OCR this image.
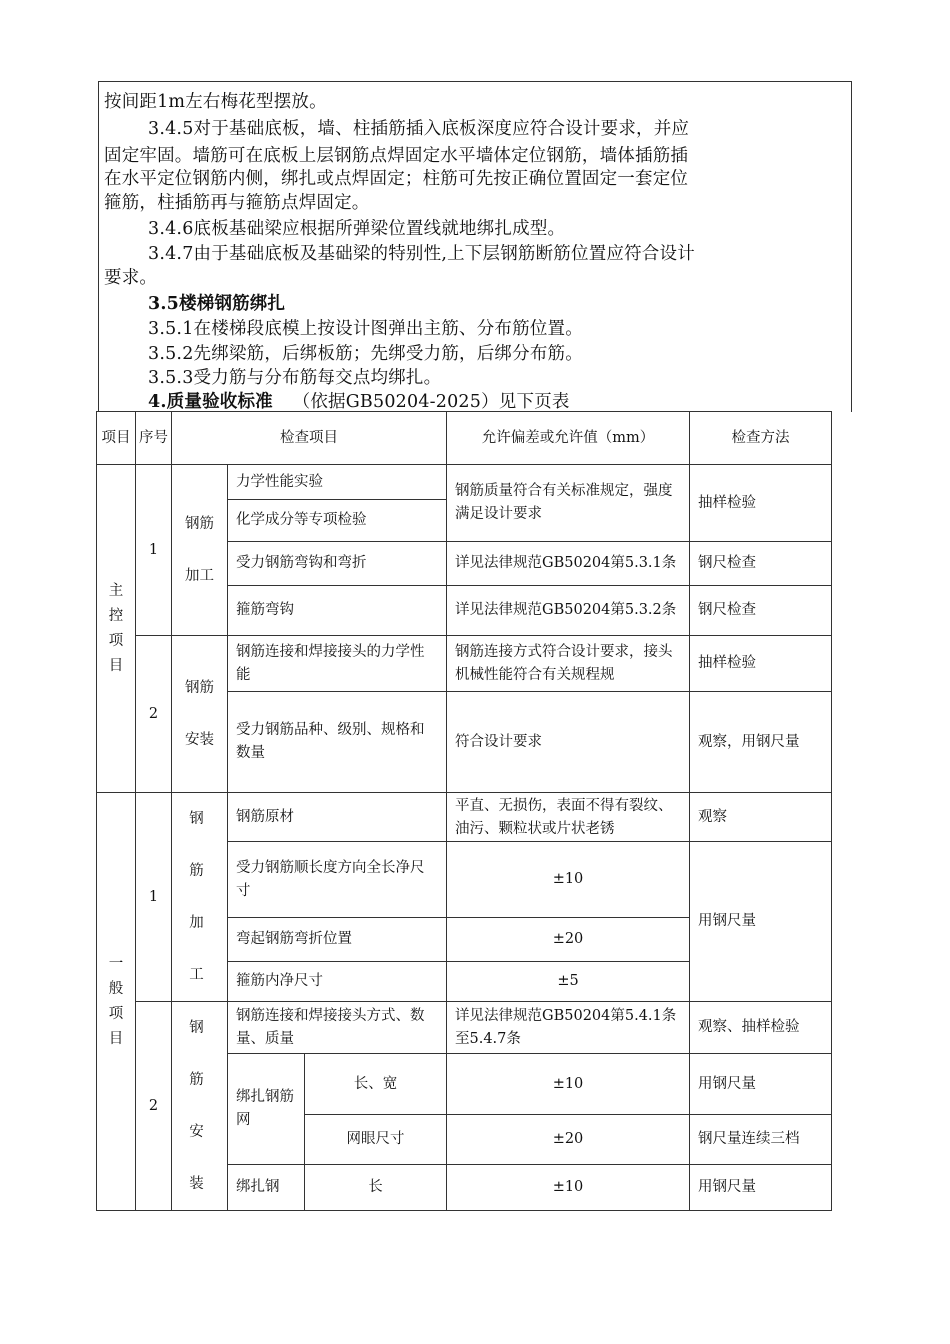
按间距1m左右梅花型摆放。
3.4.5对于基础底板，墙、柱插筋插入底板深度应符合设计要求，并应
固定牢固。墙筋可在底板上层钢筋点焊固定水平墙体定位钢筋，墙体插筋插
在水平定位钢筋内侧，绑扎或点焊固定；柱筋可先按正确位置固定一套定位
箍筋，柱插筋再与箍筋点焊固定。
3.4.6底板基础梁应根据所弹梁位置线就地绑扎成型。
3.4.7由于基础底板及基础梁的特别性,上下层钢筋断筋位置应符合设计
要求。
3.5楼梯钢筋绑扎
3.5.1在楼梯段底模上按设计图弹出主筋、分布筋位置。
3.5.2先绑梁筋，后绑板筋；先绑受力筋，后绑分布筋。
3.5.3受力筋与分布筋每交点均绑扎。
4.质量验收标准 （依据GB50204-2025）见下页表
项目	序号	检查项目			允许偏差或允许值（mm）	检查方法

主控项目	1	钢筋加工	力学性能实验		钢筋质量符合有关标准规定，强度满足设计要求	抽样检验
			化学成分等专项检验			
			受力钢筋弯钩和弯折		详见法律规范GB50204第5.3.1条	钢尺检查
			箍筋弯钩		详见法律规范GB50204第5.3.2条	钢尺检查
	2	钢筋安装	钢筋连接和焊接接头的力学性能		钢筋连接方式符合设计要求，接头机械性能符合有关规程规	抽样检验
			受力钢筋品种、级别、规格和数量		符合设计要求	观察，用钢尺量

一般项目	1	钢筋加工	钢筋原材		平直、无损伤，表面不得有裂纹、油污、颗粒状或片状老锈	观察
			受力钢筋顺长度方向全长净尺寸		±10	用钢尺量
			弯起钢筋弯折位置		±20	
			箍筋内净尺寸		±5	
	2	钢筋安装	钢筋连接和焊接接头方式、数量、质量		详见法律规范GB50204第5.4.1条至5.4.7条	观察、抽样检验

			绑扎钢筋网	长、宽	±10	用钢尺量
				网眼尺寸	±20	钢尺量连续三档
			绑扎钢	长	±10	用钢尺量
